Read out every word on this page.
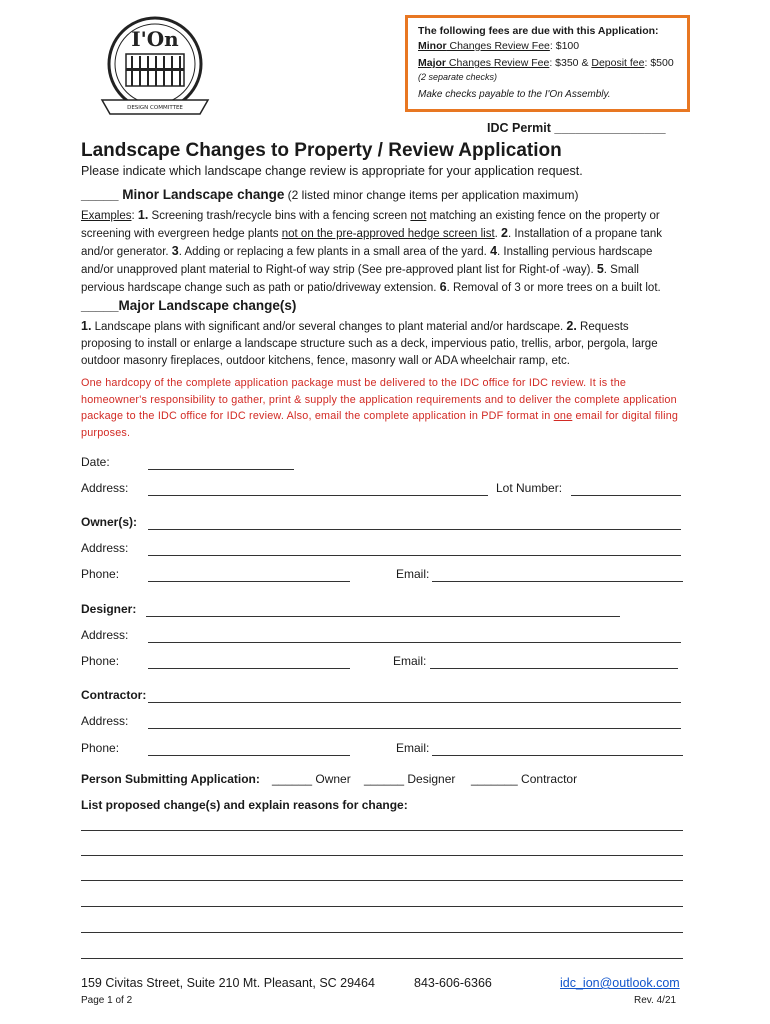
I'On
DESIGN COMMITTEE
The following fees are due with this Application:
Minor Changes Review Fee: $100
Major Changes Review Fee: $350 & Deposit fee: $500
(2 separate checks)
Make checks payable to the I'On Assembly.
IDC Permit ________________
Landscape Changes to Property / Review Application
Please indicate which landscape change review is appropriate for your application request.
_____ Minor Landscape change (2 listed minor change items per application maximum)
Examples: 1. Screening trash/recycle bins with a fencing screen not matching an existing fence on the property or screening with evergreen hedge plants not on the pre-approved hedge screen list. 2. Installation of a propane tank and/or generator. 3. Adding or replacing a few plants in a small area of the yard. 4. Installing pervious hardscape and/or unapproved plant material to Right-of way strip (See pre-approved plant list for Right-of -way). 5. Small pervious hardscape change such as path or patio/driveway extension. 6. Removal of 3 or more trees on a built lot.
_____Major Landscape change(s)
1. Landscape plans with significant and/or several changes to plant material and/or hardscape. 2. Requests proposing to install or enlarge a landscape structure such as a deck, impervious patio, trellis, arbor, pergola, large outdoor masonry fireplaces, outdoor kitchens, fence, masonry wall or ADA wheelchair ramp, etc.
One hardcopy of the complete application package must be delivered to the IDC office for IDC review. It is the homeowner's responsibility to gather, print & supply the application requirements and to deliver the complete application package to the IDC office for IDC review. Also, email the complete application in PDF format in one email for digital filing purposes.
Date:
Address:	Lot Number:
Owner(s):
Address:
Phone:	Email:
Designer:
Address:
Phone:	Email:
Contractor:
Address:
Phone:	Email:
Person Submitting Application: ______ Owner ______ Designer _______ Contractor
List proposed change(s) and explain reasons for change:
159 Civitas Street, Suite 210 Mt. Pleasant, SC 29464	843-606-6366	idc_ion@outlook.com
Page 1 of 2	Rev. 4/21
